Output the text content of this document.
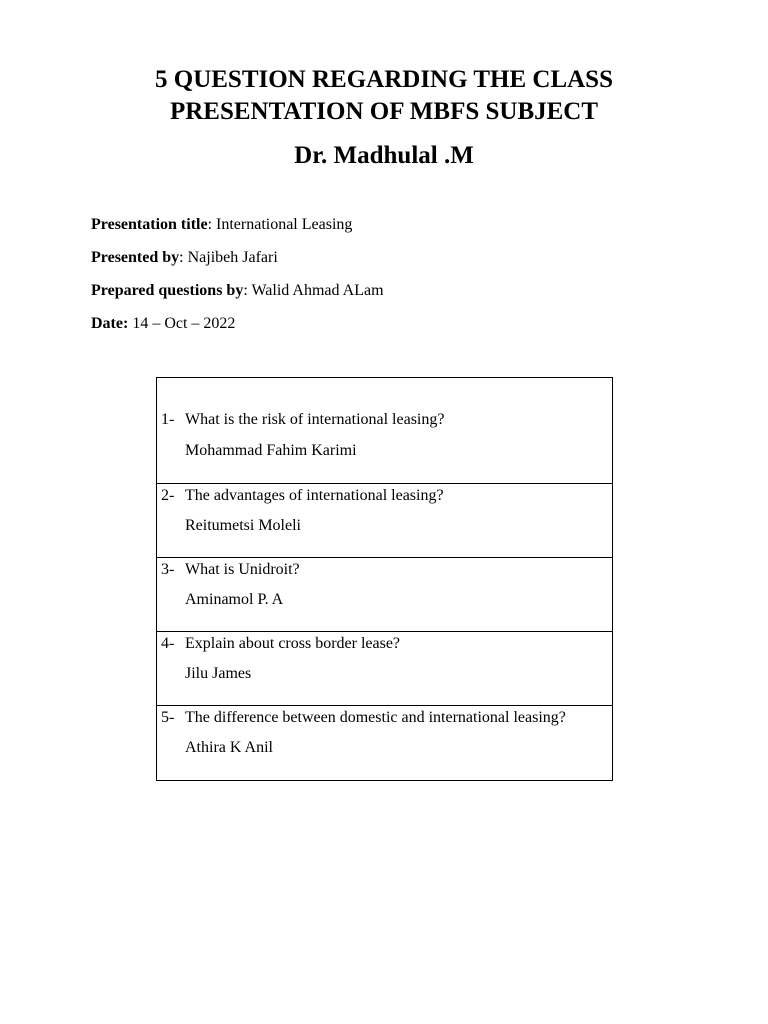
5 QUESTION REGARDING THE CLASS
PRESENTATION OF MBFS SUBJECT
Dr. Madhulal .M
Presentation title: International Leasing
Presented by: Najibeh Jafari
Prepared questions by: Walid Ahmad ALam
Date: 14 – Oct – 2022
1- What is the risk of international leasing?
Mohammad Fahim Karimi
2- The advantages of international leasing?
Reitumetsi Moleli
3- What is Unidroit?
Aminamol P. A
4- Explain about cross border lease?
Jilu James
5- The difference between domestic and international leasing?
Athira K Anil
